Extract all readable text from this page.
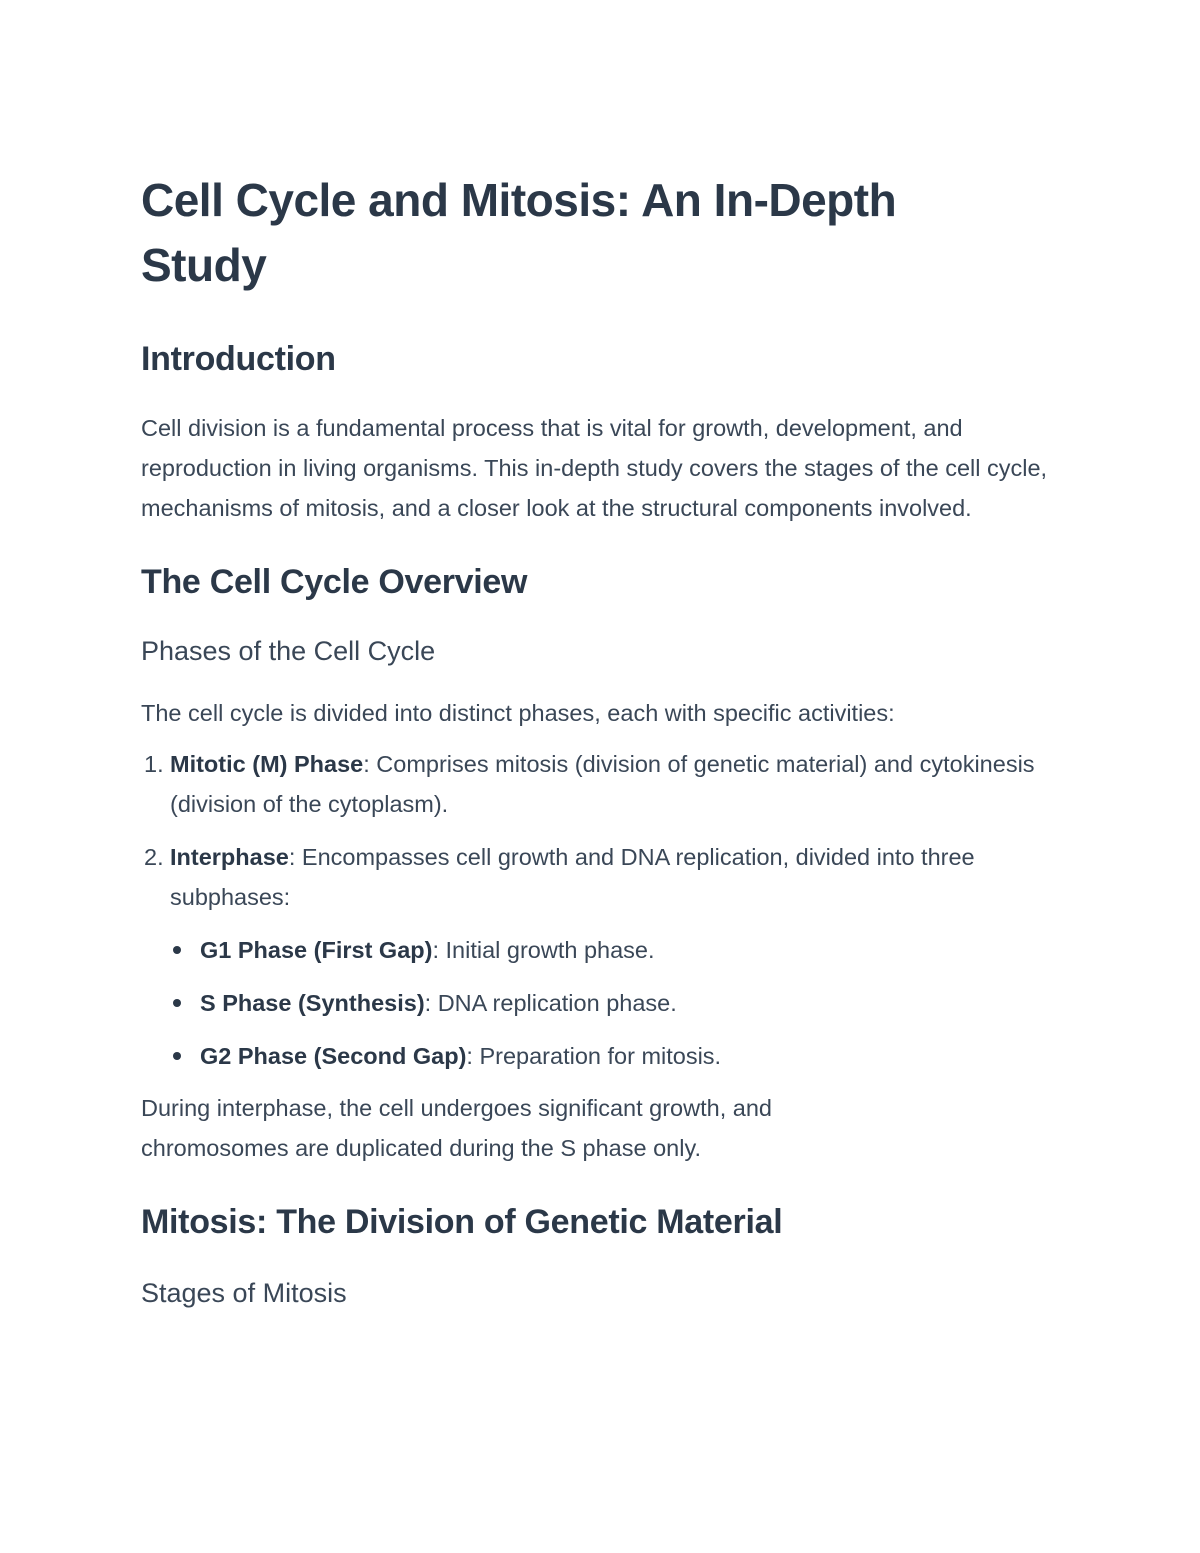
Cell Cycle and Mitosis: An In-Depth Study
Introduction

Cell division is a fundamental process that is vital for growth, development, and reproduction in living organisms. This in-depth study covers the stages of the cell cycle, mechanisms of mitosis, and a closer look at the structural components involved.

The Cell Cycle Overview
Phases of the Cell Cycle

The cell cycle is divided into distinct phases, each with specific activities:

1. Mitotic (M) Phase: Comprises mitosis (division of genetic material) and cytokinesis (division of the cytoplasm).
2. Interphase: Encompasses cell growth and DNA replication, divided into three subphases:
G1 Phase (First Gap): Initial growth phase.
S Phase (Synthesis): DNA replication phase.
G2 Phase (Second Gap): Preparation for mitosis.

During interphase, the cell undergoes significant growth, and chromosomes are duplicated during the S phase only.

Mitosis: The Division of Genetic Material
Stages of Mitosis
